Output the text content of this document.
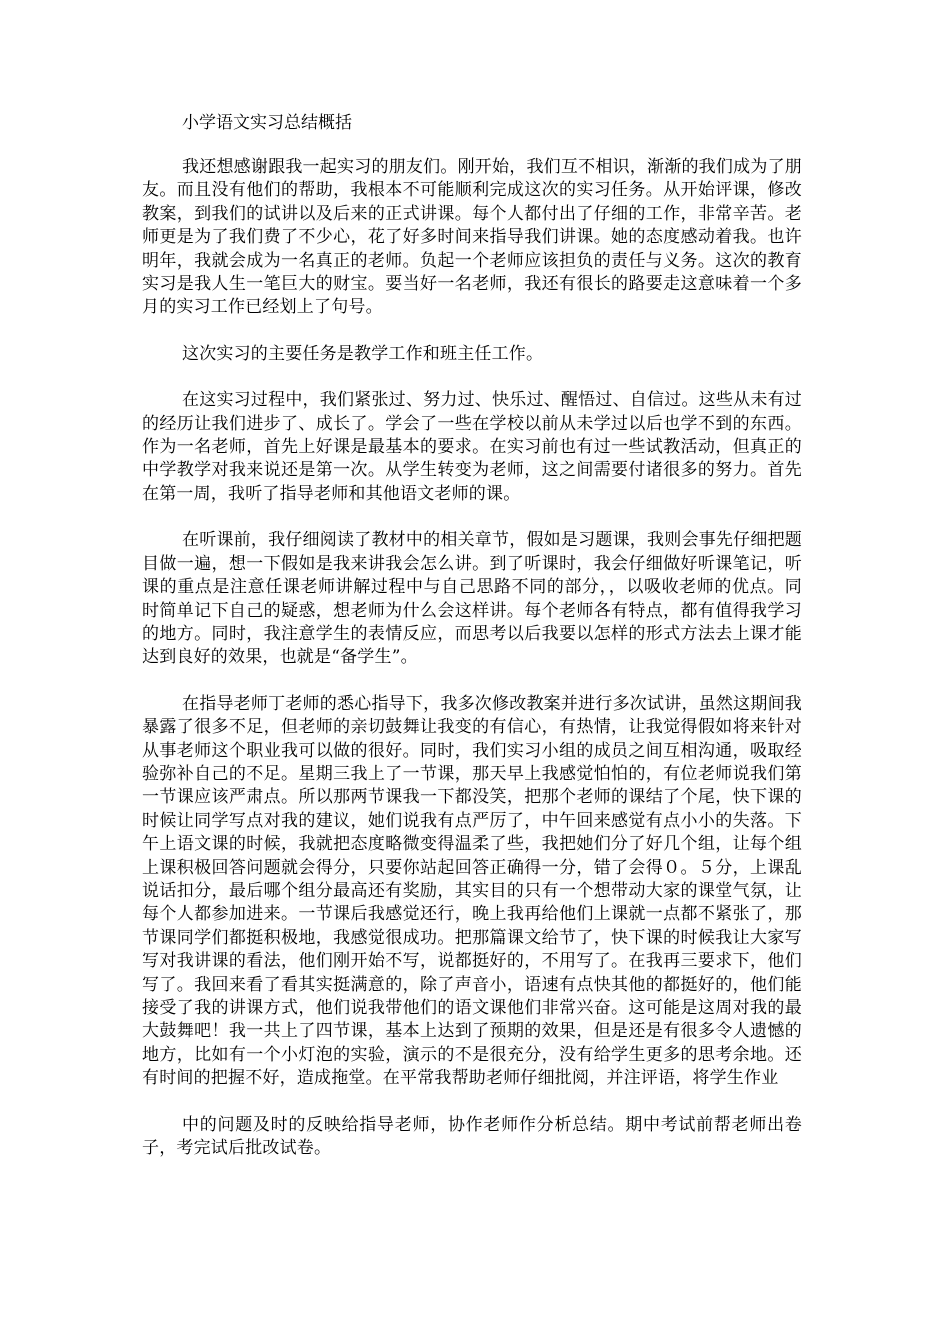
小学语文实习总结概括

我还想感谢跟我一起实习的朋友们。刚开始，我们互不相识，渐渐的我们成为了朋友。而且没有他们的帮助，我根本不可能顺利完成这次的实习任务。从开始评课，修改教案，到我们的试讲以及后来的正式讲课。每个人都付出了仔细的工作，非常辛苦。老师更是为了我们费了不少心，花了好多时间来指导我们讲课。她的态度感动着我。也许明年，我就会成为一名真正的老师。负起一个老师应该担负的责任与义务。这次的教育实习是我人生一笔巨大的财宝。要当好一名老师，我还有很长的路要走这意味着一个多月的实习工作已经划上了句号。

这次实习的主要任务是教学工作和班主任工作。

在这实习过程中，我们紧张过、努力过、快乐过、醒悟过、自信过。这些从未有过的经历让我们进步了、成长了。学会了一些在学校以前从未学过以后也学不到的东西。作为一名老师，首先上好课是最基本的要求。在实习前也有过一些试教活动，但真正的中学教学对我来说还是第一次。从学生转变为老师，这之间需要付诸很多的努力。首先在第一周，我听了指导老师和其他语文老师的课。

在听课前，我仔细阅读了教材中的相关章节，假如是习题课，我则会事先仔细把题目做一遍，想一下假如是我来讲我会怎么讲。到了听课时，我会仔细做好听课笔记，听课的重点是注意任课老师讲解过程中与自己思路不同的部分，，以吸收老师的优点。同时简单记下自己的疑惑，想老师为什么会这样讲。每个老师各有特点，都有值得我学习的地方。同时，我注意学生的表情反应，而思考以后我要以怎样的形式方法去上课才能达到良好的效果，也就是“备学生”。

在指导老师丁老师的悉心指导下，我多次修改教案并进行多次试讲，虽然这期间我暴露了很多不足，但老师的亲切鼓舞让我变的有信心，有热情，让我觉得假如将来针对从事老师这个职业我可以做的很好。同时，我们实习小组的成员之间互相沟通，吸取经验弥补自己的不足。星期三我上了一节课，那天早上我感觉怕怕的，有位老师说我们第一节课应该严肃点。所以那两节课我一下都没笑，把那个老师的课结了个尾，快下课的时候让同学写点对我的建议，她们说我有点严厉了，中午回来感觉有点小小的失落。下午上语文课的时候，我就把态度略微变得温柔了些，我把她们分了好几个组，让每个组上课积极回答问题就会得分，只要你站起回答正确得一分，错了会得０。５分，上课乱说话扣分，最后哪个组分最高还有奖励，其实目的只有一个想带动大家的课堂气氛，让每个人都参加进来。一节课后我感觉还行，晚上我再给他们上课就一点都不紧张了，那节课同学们都挺积极地，我感觉很成功。把那篇课文给节了，快下课的时候我让大家写写对我讲课的看法，他们刚开始不写，说都挺好的，不用写了。在我再三要求下，他们写了。我回来看了看其实挺满意的，除了声音小，语速有点快其他的都挺好的，他们能接受了我的讲课方式，他们说我带他们的语文课他们非常兴奋。这可能是这周对我的最大鼓舞吧！我一共上了四节课，基本上达到了预期的效果，但是还是有很多令人遗憾的地方，比如有一个小灯泡的实验，演示的不是很充分，没有给学生更多的思考余地。还有时间的把握不好，造成拖堂。在平常我帮助老师仔细批阅，并注评语，将学生作业

中的问题及时的反映给指导老师，协作老师作分析总结。期中考试前帮老师出卷子，考完试后批改试卷。
